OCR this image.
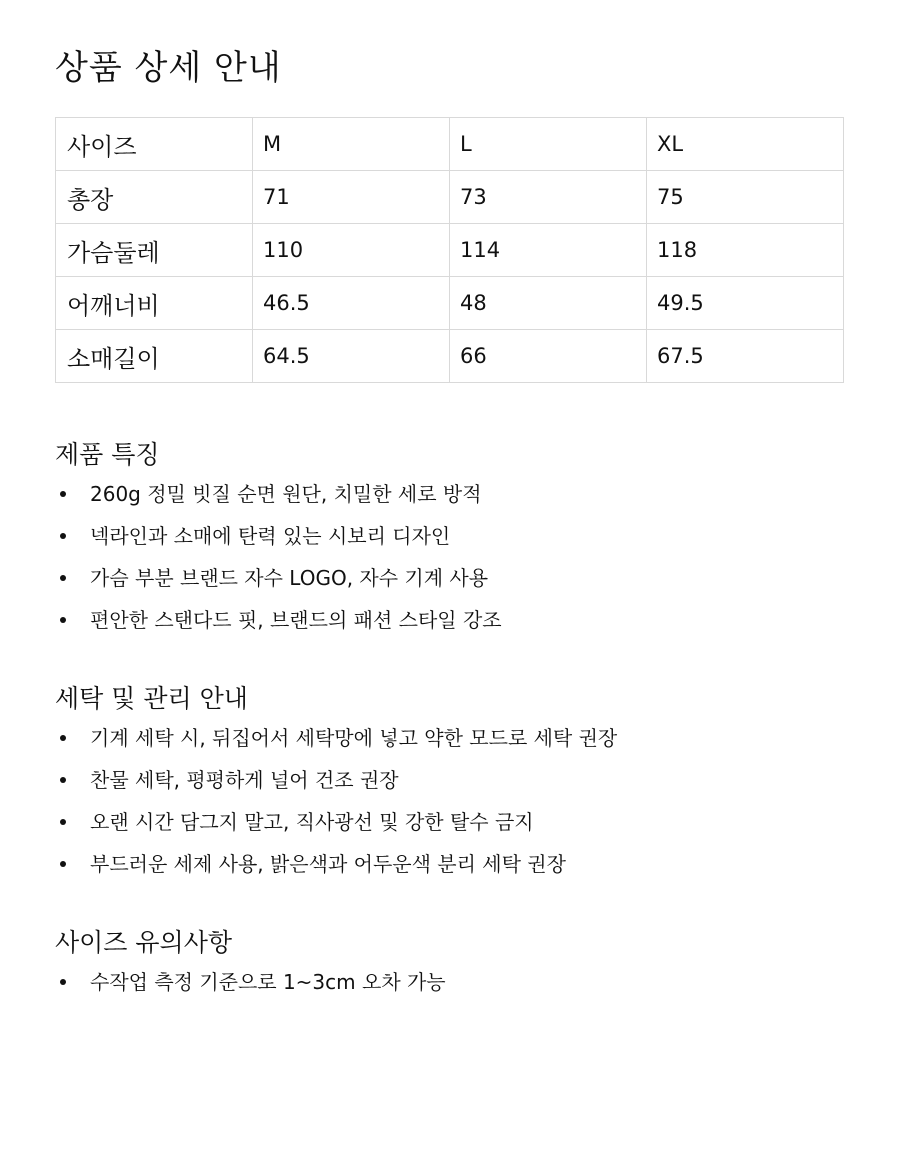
상품 상세 안내
사이즈	M	L	XL
총장	71	73	75
가슴둘레	110	114	118
어깨너비	46.5	48	49.5
소매길이	64.5	66	67.5
제품 특징
260g 정밀 빗질 순면 원단, 치밀한 세로 방적
넥라인과 소매에 탄력 있는 시보리 디자인
가슴 부분 브랜드 자수 LOGO, 자수 기계 사용
편안한 스탠다드 핏, 브랜드의 패션 스타일 강조
세탁 및 관리 안내
기계 세탁 시, 뒤집어서 세탁망에 넣고 약한 모드로 세탁 권장
찬물 세탁, 평평하게 널어 건조 권장
오랜 시간 담그지 말고, 직사광선 및 강한 탈수 금지
부드러운 세제 사용, 밝은색과 어두운색 분리 세탁 권장
사이즈 유의사항
수작업 측정 기준으로 1~3cm 오차 가능
